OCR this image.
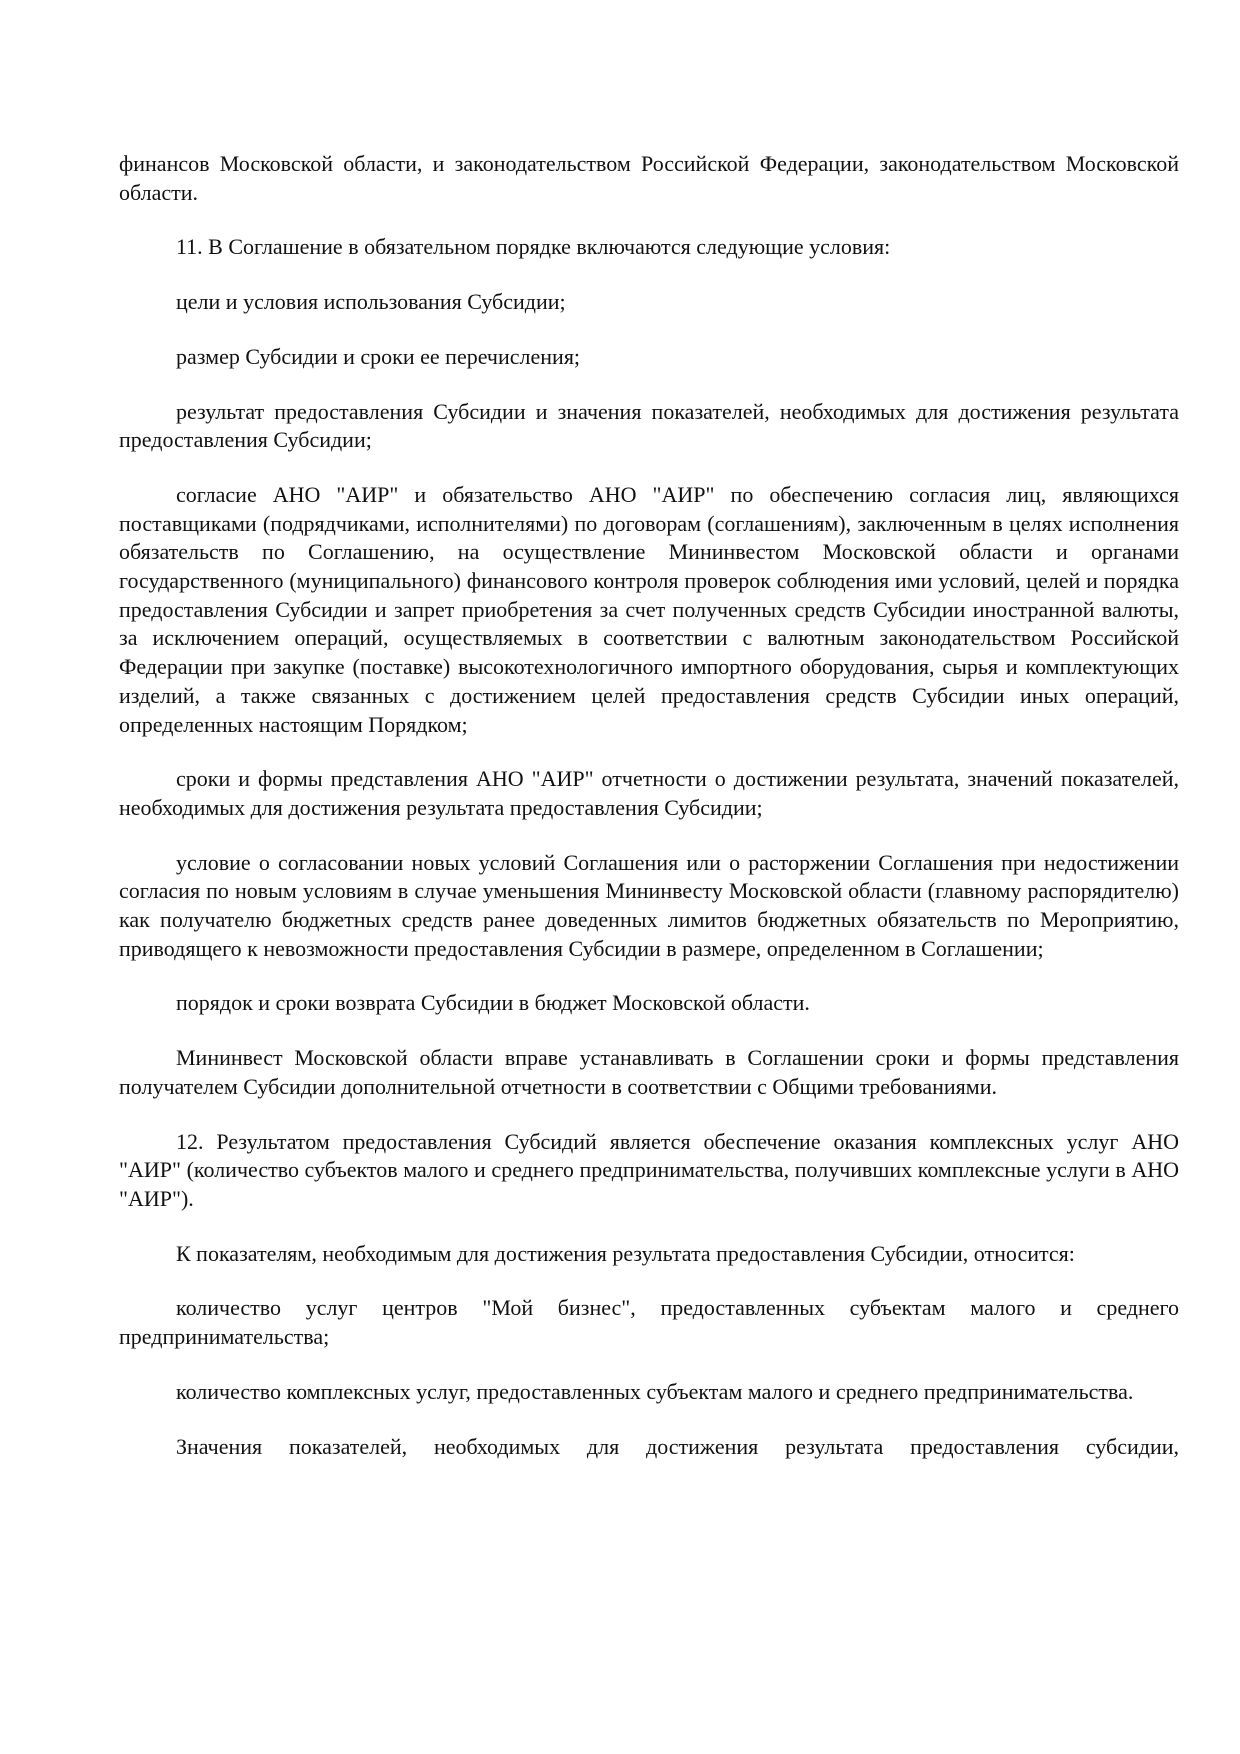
финансов Московской области, и законодательством Российской Федерации, законодательством Московской области.

11. В Соглашение в обязательном порядке включаются следующие условия:

цели и условия использования Субсидии;

размер Субсидии и сроки ее перечисления;

результат предоставления Субсидии и значения показателей, необходимых для достижения результата предоставления Субсидии;

согласие АНО "АИР" и обязательство АНО "АИР" по обеспечению согласия лиц, являющихся поставщиками (подрядчиками, исполнителями) по договорам (соглашениям), заключенным в целях исполнения обязательств по Соглашению, на осуществление Мининвестом Московской области и органами государственного (муниципального) финансового контроля проверок соблюдения ими условий, целей и порядка предоставления Субсидии и запрет приобретения за счет полученных средств Субсидии иностранной валюты, за исключением операций, осуществляемых в соответствии с валютным законодательством Российской Федерации при закупке (поставке) высокотехнологичного импортного оборудования, сырья и комплектующих изделий, а также связанных с достижением целей предоставления средств Субсидии иных операций, определенных настоящим Порядком;

сроки и формы представления АНО "АИР" отчетности о достижении результата, значений показателей, необходимых для достижения результата предоставления Субсидии;

условие о согласовании новых условий Соглашения или о расторжении Соглашения при недостижении согласия по новым условиям в случае уменьшения Мининвесту Московской области (главному распорядителю) как получателю бюджетных средств ранее доведенных лимитов бюджетных обязательств по Мероприятию, приводящего к невозможности предоставления Субсидии в размере, определенном в Соглашении;

порядок и сроки возврата Субсидии в бюджет Московской области.

Мининвест Московской области вправе устанавливать в Соглашении сроки и формы представления получателем Субсидии дополнительной отчетности в соответствии с Общими требованиями.

12. Результатом предоставления Субсидий является обеспечение оказания комплексных услуг АНО "АИР" (количество субъектов малого и среднего предпринимательства, получивших комплексные услуги в АНО "АИР").

К показателям, необходимым для достижения результата предоставления Субсидии, относится:

количество услуг центров "Мой бизнес", предоставленных субъектам малого и среднего предпринимательства;

количество комплексных услуг, предоставленных субъектам малого и среднего предпринимательства.

Значения показателей, необходимых для достижения результата предоставления субсидии,
